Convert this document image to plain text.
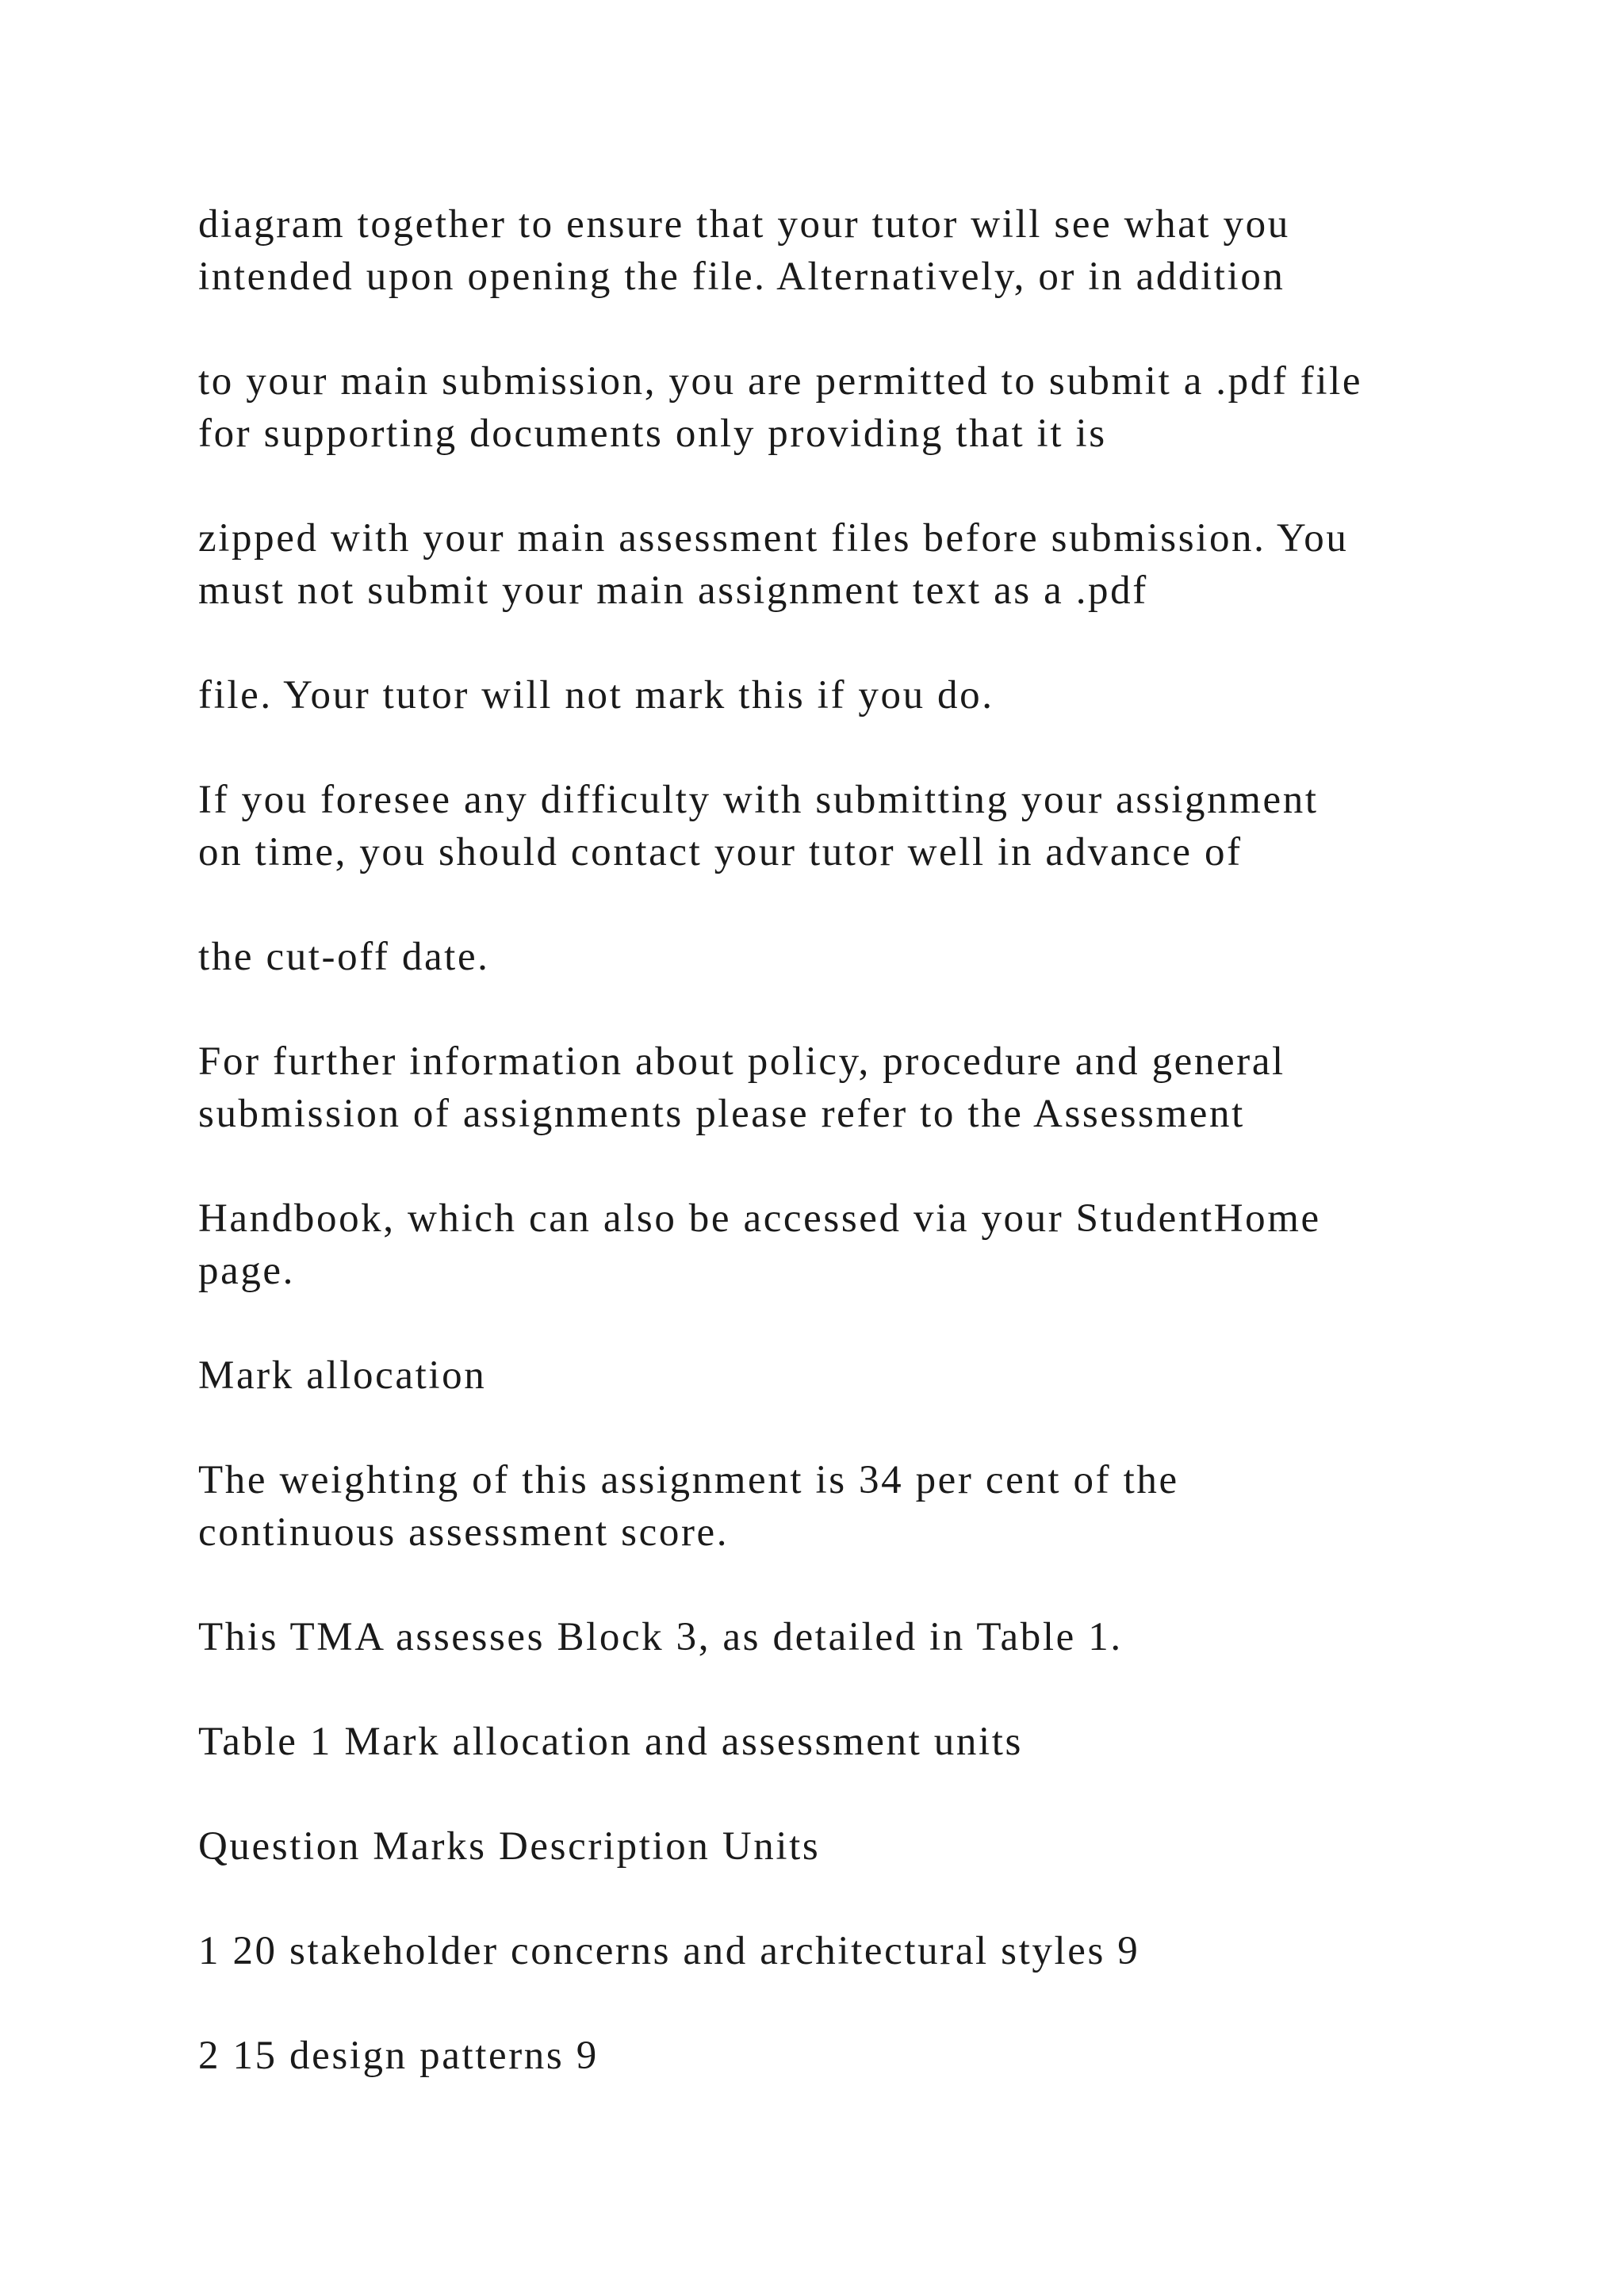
diagram together to ensure that your tutor will see what you

intended upon opening the file. Alternatively, or in addition

to your main submission, you are permitted to submit a .pdf file

for supporting documents only providing that it is

zipped with your main assessment files before submission. You

must not submit your main assignment text as a .pdf

file. Your tutor will not mark this if you do.

If you foresee any difficulty with submitting your assignment

on time, you should contact your tutor well in advance of

the cut-off date.

For further information about policy, procedure and general

submission of assignments please refer to the Assessment

Handbook, which can also be accessed via your StudentHome

page.

Mark allocation

The weighting of this assignment is 34 per cent of the

continuous assessment score.

This TMA assesses Block 3, as detailed in Table 1.

Table 1 Mark allocation and assessment units

Question Marks Description Units

1 20 stakeholder concerns and architectural styles 9

2 15 design patterns 9
